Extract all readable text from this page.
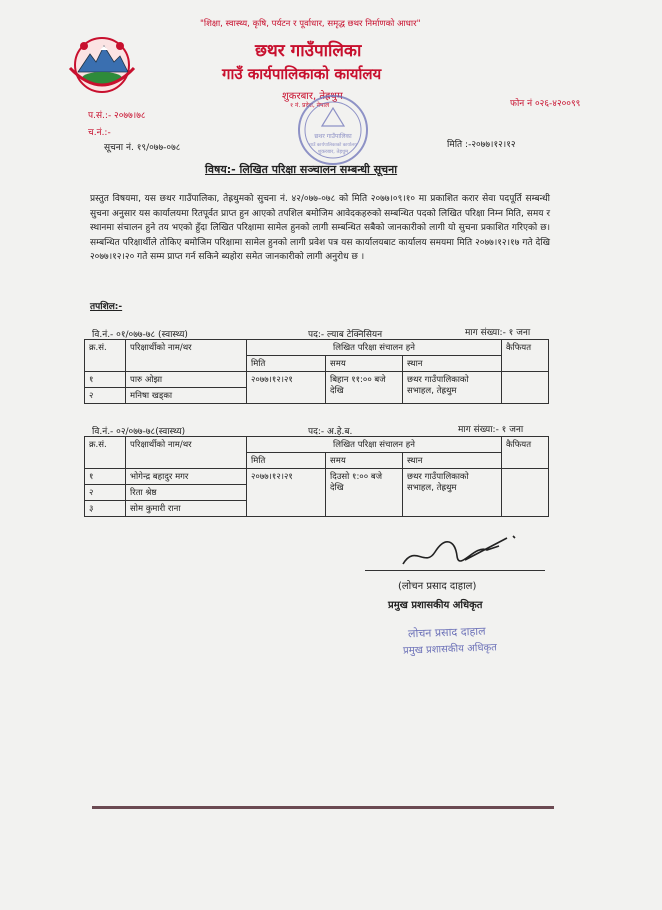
"शिक्षा, स्वास्थ्य, कृषि, पर्यटन र पूर्वाधार, समृद्ध छथर निर्माणको आधार"
छथर गाउँपालिका
गाउँ कार्यपालिकाको कार्यालय
शुकरबार, तेह्रथुम
१ नं. प्रदेश, नेपाल	फोन नं ०२६-४२००९९
प.सं.:- २०७७।७८
च.नं.:-
सूचना नं. १९/०७७-०७८	मिति :-२०७७।१२।१२
छथर गाउँपालिका
गाउँ कार्यपालिकाको कार्यालय
शुकरबार, तेह्रथुम
विषय:- लिखित परिक्षा सञ्चालन सम्बन्धी सूचना
प्रस्तुत विषयमा, यस छथर गाउँपालिका, तेह्रथुमको सुचना नं. ४२/०७७-०७८ को मिति २०७७।०९।१० मा प्रकाशित करार सेवा पदपूर्ति सम्बन्धी सुचना अनुसार यस कार्यालयमा रितपूर्वत प्राप्त हुन आएको तपशिल बमोजिम आवेदकहरुको सम्बन्धित पदको लिखित परिक्षा निम्न मिति, समय र स्थानमा संचालन हुने तय भएको हुँदा लिखित परिक्षामा सामेल हुनको लागी सम्बन्धित सबैको जानकारीको लागी यो सुचना प्रकाशित गरिएको छ। सम्बन्धित परिक्षार्थीले तोकिए बमोजिम परिक्षामा सामेल हुनको लागी प्रवेश पत्र यस कार्यालयबाट कार्यालय समयमा मिति २०७७।१२।१७ गते देखि २०७७।१२।२० गते सम्म प्राप्त गर्न सकिने ब्यहोरा समेत जानकारीको लागी अनुरोध छ ।
तपशिल:-
वि.नं.- ०१/०७७-७८ (स्वास्थ्य)	पद:- ल्याब टेक्निसियन	माग संख्या:- १ जना
क्र.सं.	परिक्षार्थीको नाम/थर	लिखित परिक्षा संचालन हने			कैफियत
		मिति	समय	स्थान	
१	पारु ओझा	२०७७।१२।२१	बिहान ११:०० बजे देखि	छथर गाउँपालिकाको सभाहल, तेह्रथुम	
२	मनिषा खड्का				
वि.नं.- ०२/०७७-७८(स्वास्थ्य)	पद:- अ.हे.ब.	माग संख्या:- १ जना
क्र.सं.	परिक्षार्थीको नाम/थर	लिखित परिक्षा संचालन हने			कैफियत
		मिति	समय	स्थान	
१	भोगेन्द्र बहादुर मगर	२०७७।१२।२१	दिउसो १:०० बजे देखि	छथर गाउँपालिकाको सभाहल, तेह्रथुम	
२	रिता श्रेष्ठ				
३	सोम कुमारी राना				
(लोचन प्रसाद दाहाल)
प्रमुख प्रशासकीय अधिकृत
लोचन प्रसाद दाहाल
प्रमुख प्रशासकीय अधिकृत
